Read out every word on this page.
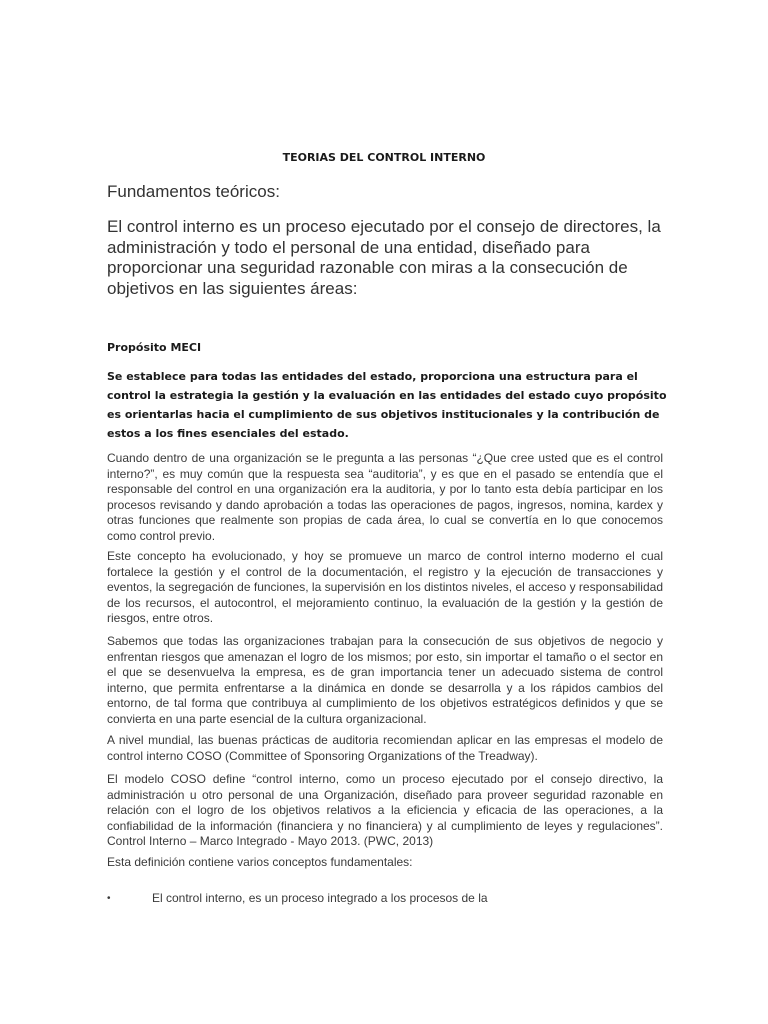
TEORIAS DEL CONTROL INTERNO
Fundamentos teóricos:

El control interno es un proceso ejecutado por el consejo de directores, la administración y todo el personal de una entidad, diseñado para proporcionar una seguridad razonable con miras a la consecución de objetivos en las siguientes áreas:

Propósito MECI

Se establece para todas las entidades del estado, proporciona una estructura para el control la estrategia la gestión y la evaluación en las entidades del estado cuyo propósito es orientarlas hacia el cumplimiento de sus objetivos institucionales y la contribución de estos a los fines esenciales del estado.

Cuando dentro de una organización se le pregunta a las personas “¿Que cree usted que es el control interno?”, es muy común que la respuesta sea “auditoria”, y es que en el pasado se entendía que el responsable del control en una organización era la auditoria, y por lo tanto esta debía participar en los procesos revisando y dando aprobación a todas las operaciones de pagos, ingresos, nomina, kardex y otras funciones que realmente son propias de cada área, lo cual se convertía en lo que conocemos como control previo.

Este concepto ha evolucionado, y hoy se promueve un marco de control interno moderno el cual fortalece la gestión y el control de la documentación, el registro y la ejecución de transacciones y eventos, la segregación de funciones, la supervisión en los distintos niveles, el acceso y responsabilidad de los recursos, el autocontrol, el mejoramiento continuo, la evaluación de la gestión y la gestión de riesgos, entre otros.

Sabemos que todas las organizaciones trabajan para la consecución de sus objetivos de negocio y enfrentan riesgos que amenazan el logro de los mismos; por esto, sin importar el tamaño o el sector en el que se desenvuelva la empresa, es de gran importancia tener un adecuado sistema de control interno, que permita enfrentarse a la dinámica en donde se desarrolla y a los rápidos cambios del entorno, de tal forma que contribuya al cumplimiento de los objetivos estratégicos definidos y que se convierta en una parte esencial de la cultura organizacional.

A nivel mundial, las buenas prácticas de auditoria recomiendan aplicar en las empresas el modelo de control interno COSO (Committee of Sponsoring Organizations of the Treadway).

El modelo COSO define “control interno, como un proceso ejecutado por el consejo directivo, la administración u otro personal de una Organización, diseñado para proveer seguridad razonable en relación con el logro de los objetivos relativos a la eficiencia y eficacia de las operaciones, a la confiabilidad de la información (financiera y no financiera) y al cumplimiento de leyes y regulaciones”. Control Interno – Marco Integrado - Mayo 2013. (PWC, 2013)

Esta definición contiene varios conceptos fundamentales:

•	El control interno, es un proceso integrado a los procesos de la
